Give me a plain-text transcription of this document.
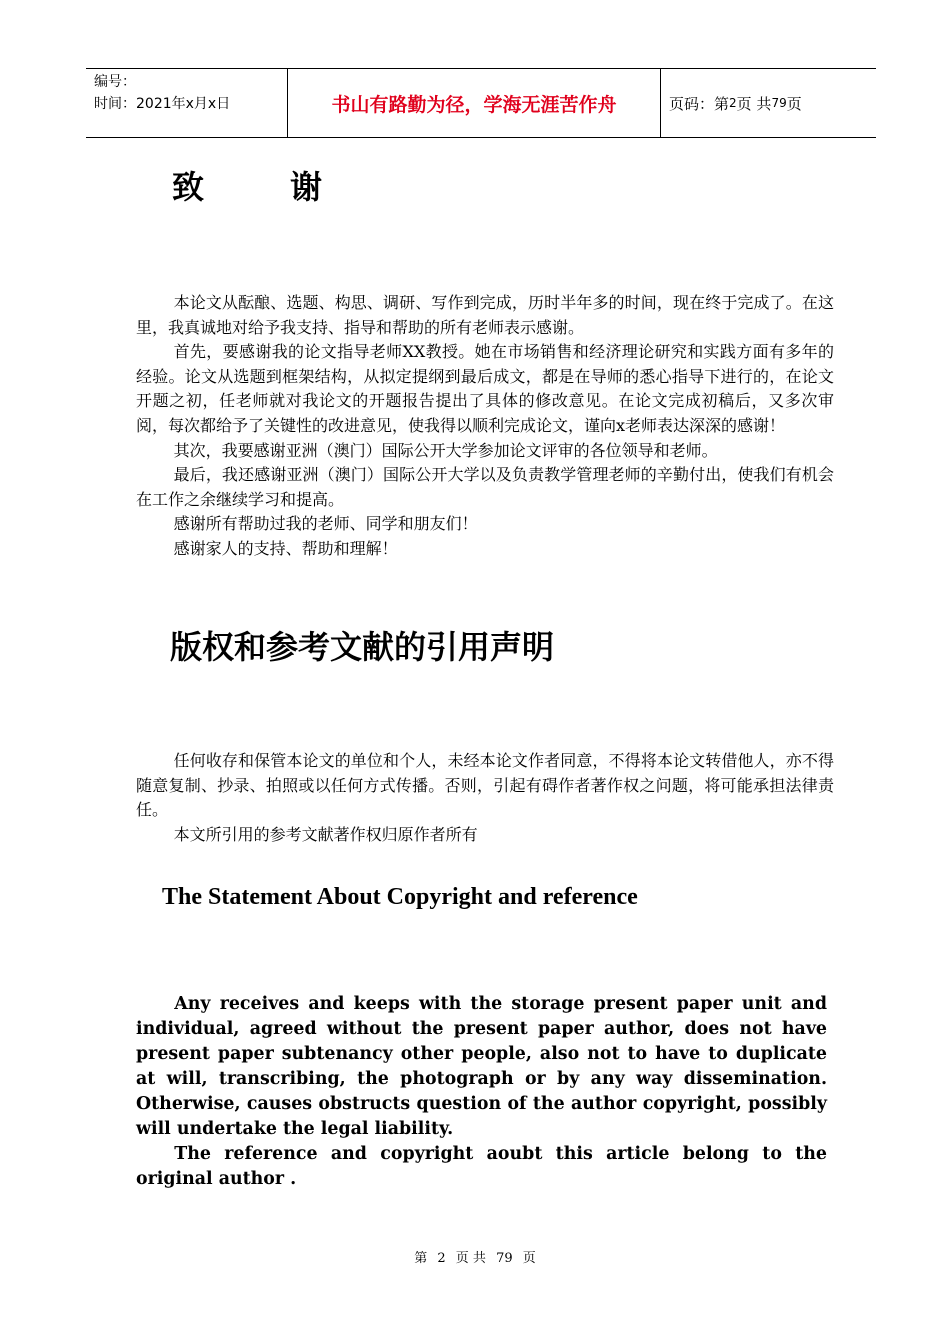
编号：
时间：2021年x月x日	书山有路勤为径，学海无涯苦作舟	页码：第 2 页 共 79 页
致	谢

本论文从酝酿、选题、构思、调研、写作到完成，历时半年多的时间，现在终于完成了。在这里，我真诚地对给予我支持、指导和帮助的所有老师表示感谢。

首先，要感谢我的论文指导老师XX教授。她在市场销售和经济理论研究和实践方面有多年的经验。论文从选题到框架结构，从拟定提纲到最后成文，都是在导师的悉心指导下进行的，在论文开题之初，任老师就对我论文的开题报告提出了具体的修改意见。在论文完成初稿后，又多次审阅，每次都给予了关键性的改进意见，使我得以顺利完成论文，谨向x老师表达深深的感谢！

其次，我要感谢亚洲（澳门）国际公开大学参加论文评审的各位领导和老师。

最后，我还感谢亚洲（澳门）国际公开大学以及负责教学管理老师的辛勤付出，使我们有机会在工作之余继续学习和提高。

感谢所有帮助过我的老师、同学和朋友们！

感谢家人的支持、帮助和理解！

版权和参考文献的引用声明

任何收存和保管本论文的单位和个人，未经本论文作者同意，不得将本论文转借他人，亦不得随意复制、抄录、拍照或以任何方式传播。否则，引起有碍作者著作权之问题，将可能承担法律责任。

本文所引用的参考文献著作权归原作者所有

The Statement About Copyright and reference

Any receives and keeps with the storage present paper unit and individual, agreed without the present paper author, does not have present paper subtenancy other people, also not to have to duplicate at will, transcribing, the photograph or by any way dissemination. Otherwise, causes obstructs question of the author copyright, possibly will undertake the legal liability.

The reference and copyright aoubt this article belong to the original author .

第 2 页 共 79 页
